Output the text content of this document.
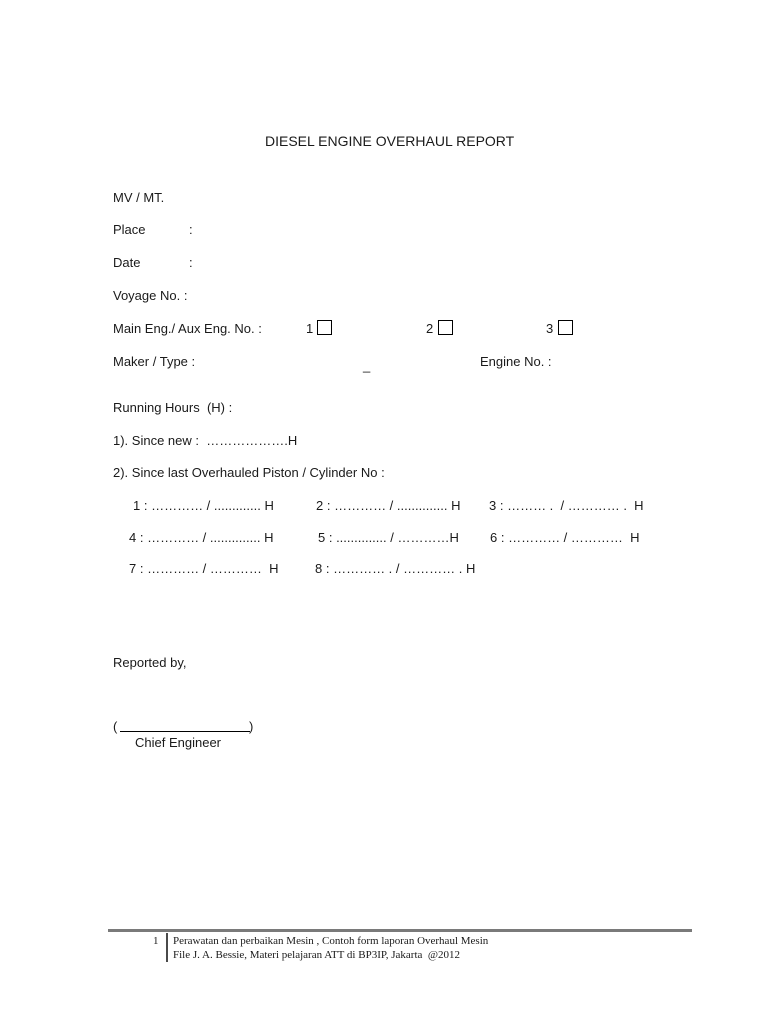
DIESEL ENGINE OVERHAUL REPORT
MV / MT.
Place	:
Date	:
Voyage No. :
Main Eng./ Aux Eng. No. :	1	2	3
Maker / Type :	_	Engine No. :
Running Hours  (H) :
1). Since new :  ……………….H
2). Since last Overhauled Piston / Cylinder No :
1 : ………… / ............. H	2 : ………… / .............. H 3 : ……… .  / ………… .  H
4 : ………… / .............. H	5 : .............. / …………H 6 : ………… / …………  H
7 : ………… / …………  H	8 : ………… . / ………… . H
Reported by,
(	)
Chief Engineer
1 Perawatan dan perbaikan Mesin , Contoh form laporan Overhaul Mesin
File J. A. Bessie, Materi pelajaran ATT di BP3IP, Jakarta  @2012
